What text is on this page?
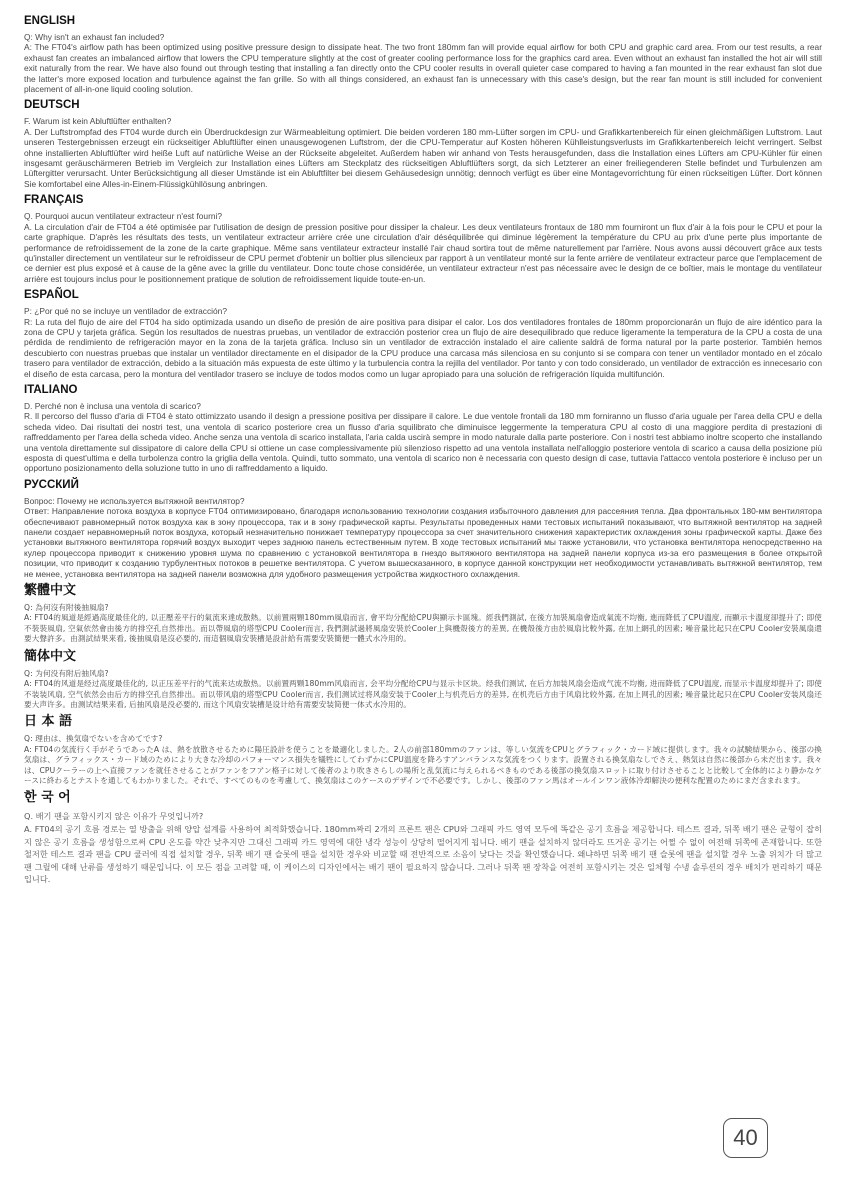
ENGLISH

Q: Why isn't an exhaust fan included?

A: The FT04's airflow path has been optimized using positive pressure design to dissipate heat. The two front 180mm fan will provide equal airflow for both CPU and graphic card area. From our test results, a rear exhaust fan creates an imbalanced airflow that lowers the CPU temperature slightly at the cost of greater cooling performance loss for the graphics card area. Even without an exhaust fan installed the hot air will still exit naturally from the rear. We have also found out through testing that installing a fan directly onto the CPU cooler results in overall quieter case compared to having a fan mounted in the rear exhaust fan slot due the latter's more exposed location and turbulence against the fan grille. So with all things considered, an exhaust fan is unnecessary with this case's design, but the rear fan mount is still included for convenient placement of all-in-one liquid cooling solution.

DEUTSCH

F. Warum ist kein Abluftlüfter enthalten?

A. Der Luftstrompfad des FT04 wurde durch ein Überdruckdesign zur Wärmeableitung optimiert. Die beiden vorderen 180 mm-Lüfter sorgen im CPU- und Grafikkartenbereich für einen gleichmäßigen Luftstrom. Laut unseren Testergebnissen erzeugt ein rückseitiger Abluftlüfter einen unausgewogenen Luftstrom, der die CPU-Temperatur auf Kosten höheren Kühlleistungsverlusts im Grafikkartenbereich leicht verringert. Selbst ohne installierten Abluftlüfter wird heiße Luft auf natürliche Weise an der Rückseite abgeleitet. Außerdem haben wir anhand von Tests herausgefunden, dass die Installation eines Lüfters am CPU-Kühler für einen insgesamt geräuschärmeren Betrieb im Vergleich zur Installation eines Lüfters am Steckplatz des rückseitigen Abluftlüfters sorgt, da sich Letzterer an einer freiliegenderen Stelle befindet und Turbulenzen am Lüftergitter verursacht. Unter Berücksichtigung all dieser Umstände ist ein Abluftfilter bei diesem Gehäusedesign unnötig; dennoch verfügt es über eine Montagevorrichtung für einen rückseitigen Lüfter. Dort können Sie komfortabel eine Alles-in-Einem-Flüssigkühllösung anbringen.

FRANÇAIS

Q. Pourquoi aucun ventilateur extracteur n'est fourni?

A. La circulation d'air de FT04 a été optimisée par l'utilisation de design de pression positive pour dissiper la chaleur. Les deux ventilateurs frontaux de 180 mm fourniront un flux d'air à la fois pour le CPU et pour la carte graphique. D'après les résultats des tests, un ventilateur extracteur arrière crée une circulation d'air déséquilibrée qui diminue légèrement la température du CPU au prix d'une perte plus importante de performance de refroidissement de la zone de la carte graphique. Même sans ventilateur extracteur installé l'air chaud sortira tout de même naturellement par l'arrière. Nous avons aussi découvert grâce aux tests qu'installer directement un ventilateur sur le refroidisseur de CPU permet d'obtenir un boîtier plus silencieux par rapport à un ventilateur monté sur la fente arrière de ventilateur extracteur parce que l'emplacement de ce dernier est plus exposé et à cause de la gêne avec la grille du ventilateur. Donc toute chose considérée, un ventilateur extracteur n'est pas nécessaire avec le design de ce boîtier, mais le montage du ventilateur arrière est toujours inclus pour le positionnement pratique de solution de refroidissement liquide toute-en-un.

ESPAÑOL

P: ¿Por qué no se incluye un ventilador de extracción?

R: La ruta del flujo de aire del FT04 ha sido optimizada usando un diseño de presión de aire positiva para disipar el calor. Los dos ventiladores frontales de 180mm proporcionarán un flujo de aire idéntico para la zona de CPU y tarjeta gráfica. Según los resultados de nuestras pruebas, un ventilador de extracción posterior crea un flujo de aire desequilibrado que reduce ligeramente la temperatura de la CPU a costa de una pérdida de rendimiento de refrigeración mayor en la zona de la tarjeta gráfica. Incluso sin un ventilador de extracción instalado el aire caliente saldrá de forma natural por la parte posterior. También hemos descubierto con nuestras pruebas que instalar un ventilador directamente en el disipador de la CPU produce una carcasa más silenciosa en su conjunto si se compara con tener un ventilador montado en el zócalo trasero para ventilador de extracción, debido a la situación más expuesta de este último y la turbulencia contra la rejilla del ventilador. Por tanto y con todo considerado, un ventilador de extracción es innecesario con el diseño de esta carcasa, pero la montura del ventilador trasero se incluye de todos modos como un lugar apropiado para una solución de refrigeración líquida multifunción.

ITALIANO

D. Perché non è inclusa una ventola di scarico?

R. Il percorso del flusso d'aria di FT04 è stato ottimizzato usando il design a pressione positiva per dissipare il calore. Le due ventole frontali da 180 mm forniranno un flusso d'aria uguale per l'area della CPU e della scheda video. Dai risultati dei nostri test, una ventola di scarico posteriore crea un flusso d'aria squilibrato che diminuisce leggermente la temperatura CPU al costo di una maggiore perdita di prestazioni di raffreddamento per l'area della scheda video. Anche senza una ventola di scarico installata, l'aria calda uscirà sempre in modo naturale dalla parte posteriore. Con i nostri test abbiamo inoltre scoperto che installando una ventola direttamente sul dissipatore di calore della CPU si ottiene un case complessivamente più silenzioso rispetto ad una ventola installata nell'alloggio posteriore ventola di scarico a causa della posizione più esposta di quest'ultima e della turbolenza contro la griglia della ventola. Quindi, tutto sommato, una ventola di scarico non è necessaria con questo design di case, tuttavia l'attacco ventola posteriore è incluso per un opportuno posizionamento della soluzione tutto in uno di raffreddamento a liquido.

РУССКИЙ

Вопрос: Почему не используется вытяжной вентилятор?

Ответ: Направление потока воздуха в корпусе FT04 оптимизировано, благодаря использованию технологии создания избыточного давления для рассеяния тепла. Два фронтальных 180-мм вентилятора обеспечивают равномерный поток воздуха как в зону процессора, так и в зону графической карты. Результаты проведенных нами тестовых испытаний показывают, что вытяжной вентилятор на задней панели создает неравномерный поток воздуха, который незначительно понижает температуру процессора за счет значительного снижения характеристик охлаждения зоны графической карты. Даже без установки вытяжного вентилятора горячий воздух выходит через заднюю панель естественным путем. В ходе тестовых испытаний мы также установили, что установка вентилятора непосредственно на кулер процессора приводит к снижению уровня шума по сравнению с установкой вентилятора в гнездо вытяжного вентилятора на задней панели корпуса из-за его размещения в более открытой позиции, что приводит к созданию турбулентных потоков в решетке вентилятора. С учетом вышесказанного, в корпусе данной конструкции нет необходимости устанавливать вытяжной вентилятор, тем не менее, установка вентилятора на задней панели возможна для удобного размещения устройства жидкостного охлаждения.

繁體中文

Q: 為何沒有附後抽風扇?

A: FT04的風道是經過高度最佳化的, 以正壓差平行的氣流來達成散熱。以前置兩顆180mm風扇而言, 會平均分配給CPU與顯示卡區塊。經我們測試, 在後方加裝風扇會造成氣流不均衡, 進而降低了CPU溫度, 而顯示卡溫度卻提升了; 即使不裝裝風扇, 空氣依然會由後方的排空孔自然排出。而以帶風扇的塔型CPU Cooler而言, 我們測試過將風扇安裝於Cooler上與機殼後方的差異, 在機殼後方由於風扇比較外露, 在加上網孔的因素; 噪音量比起只在CPU Cooler安裝風扇還要大聲許多。由測試結果來看, 後抽風扇是沒必要的, 而這個風扇安裝槽是設計給有需要安裝簡便一體式水冷用的。

簡体中文

Q: 为何没有附后抽风扇?

A: FT04的风道是经过高度最佳化的, 以正压差平行的气流来达成散热。以前置两颗180mm风扇而言, 会平均分配给CPU与显示卡区块。经我们测试, 在后方加装风扇会造成气流不均衡, 进而降低了CPU温度, 而显示卡温度却提升了; 即使不装装风扇, 空气依然会由后方的排空孔自然排出。而以带风扇的塔型CPU Cooler而言, 我们测试过将风扇安装于Cooler上与机壳后方的差异, 在机壳后方由于风扇比较外露, 在加上网孔的因素; 噪音量比起只在CPU Cooler安装风扇还要大声许多。由测试结果来看, 后抽风扇是没必要的, 而这个风扇安装槽是设计给有需要安装简便一体式水冷用的。

日 本 語

Q: 理由は、換気扇でないを含めてです?

A: FT04の気流行く手がそうであったA は、熱を放散させるために陽圧設計を使うことを最適化しました。2人の前部180mmのファンは、等しい気流をCPUとグラフィック・カード域に提供します。我々の試験結果から、後部の換気扇は、グラフィックス・カード域のためにより大きな冷却のパフォーマンス損失を犠牲にしてわずかにCPU温度を降ろすアンバランスな気流をつくります。設置される換気扇なしでさえ、熱気は自然に後部から未だ出ます。我々は、CPUクーラーの上へ直接ファンを就任させることがファンをフアン格子に対して後者のより吹きさらしの場所と乱気流に与えられるべきものである後部の換気扇スロットに取り付けさせることと比較して全体的により静かなケースに終わるとテストを通してもわかりました。それで、すべてのものを考慮して、換気扇はこのケースのデザインで不必要です。しかし、後部のファン馬はオールインワン液体冷却解決の便利な配置のためにまだ含まれます。

한 국 어

Q. 배기 팬을 포함시키지 않은 이유가 무엇입니까?

A. FT04의 공기 흐름 경로는 열 방출을 위해 양압 설계를 사용하여 최적화했습니다. 180mm짜리 2개의 프론트 팬은 CPU와 그래픽 카드 영역 모두에 똑같은 공기 흐름을 제공합니다. 테스트 결과, 뒤쪽 배기 팬은 균형이 잡히지 않은 공기 흐름을 생성함으로써 CPU 온도를 약간 낮추지만 그대신 그래픽 카드 영역에 대한 냉각 성능이 상당히 떨어지게 됩니다. 배기 팬을 설치하지 않더라도 뜨거운 공기는 어쩔 수 없이 여전해 뒤쪽에 존재합니다. 또한 철저한 테스트 결과 팬을 CPU 쿨러에 직접 설치할 경우, 뒤쪽 배기 팬 슬롯에 팬을 설치한 경우와 비교할 때 전반적으로 소음이 낮다는 것을 확인했습니다. 왜냐하면 뒤쪽 배기 팬 슬롯에 팬을 설치할 경우 노출 위치가 더 많고 팬 그릴에 대해 난류를 생성하기 때문입니다. 이 모든 점을 고려할 때, 이 케이스의 디자인에서는 배기 팬이 필요하지 않습니다. 그러나 뒤쪽 팬 장착을 여전히 포함시키는 것은 일체형 수냉 솔루션의 경우 배치가 편리하기 때문입니다.

40
